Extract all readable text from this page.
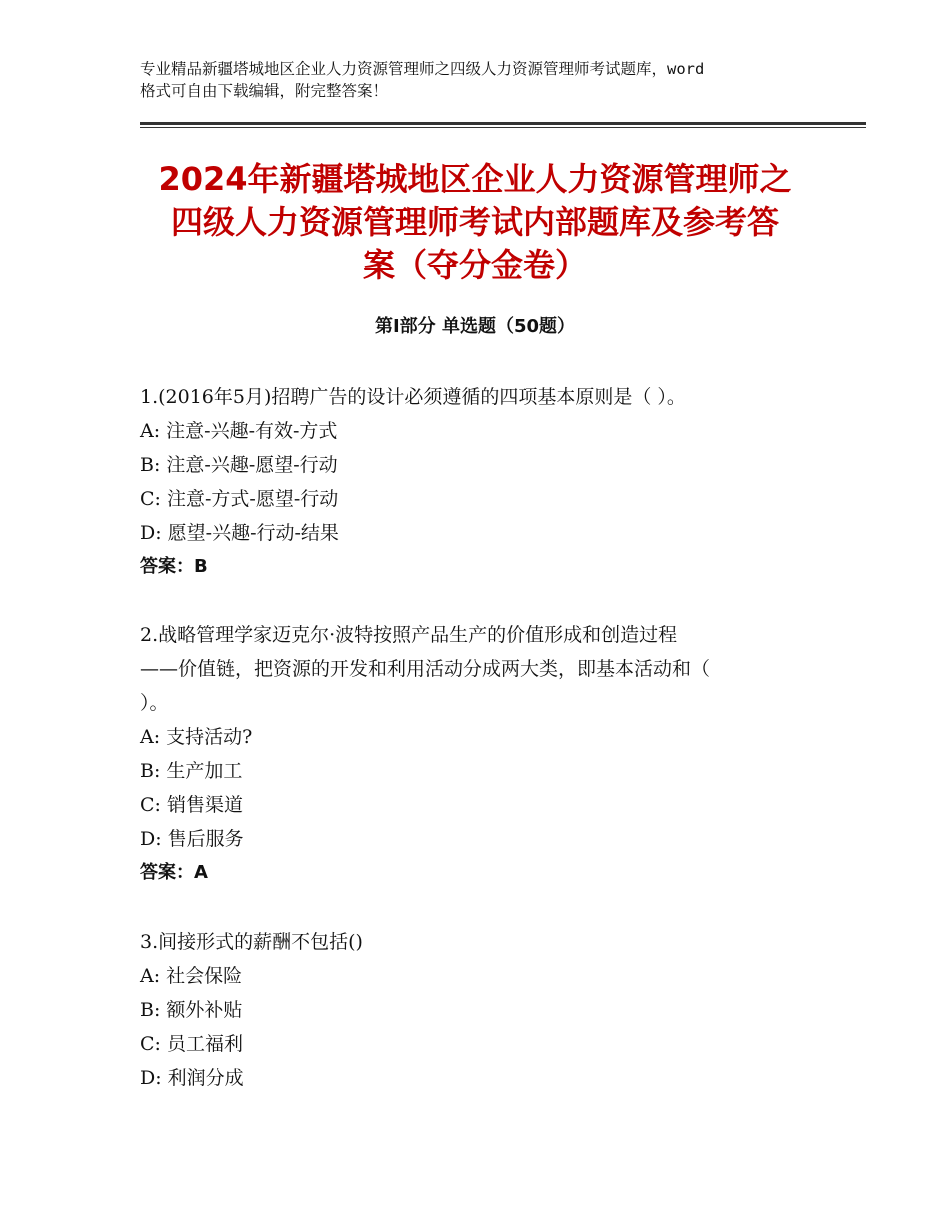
专业精品新疆塔城地区企业人力资源管理师之四级人力资源管理师考试题库，word
格式可自由下载编辑，附完整答案！
2024年新疆塔城地区企业人力资源管理师之
四级人力资源管理师考试内部题库及参考答
案（夺分金卷）
第Ⅰ部分 单选题（50题）
1.(2016年5月)招聘广告的设计必须遵循的四项基本原则是（ ）。
A: 注意-兴趣-有效-方式
B: 注意-兴趣-愿望-行动
C: 注意-方式-愿望-行动
D: 愿望-兴趣-行动-结果
答案：B
2.战略管理学家迈克尔·波特按照产品生产的价值形成和创造过程
——价值链，把资源的开发和利用活动分成两大类，即基本活动和（
）。
A: 支持活动?
B: 生产加工
C: 销售渠道
D: 售后服务
答案：A
3.间接形式的薪酬不包括()
A: 社会保险
B: 额外补贴
C: 员工福利
D: 利润分成
